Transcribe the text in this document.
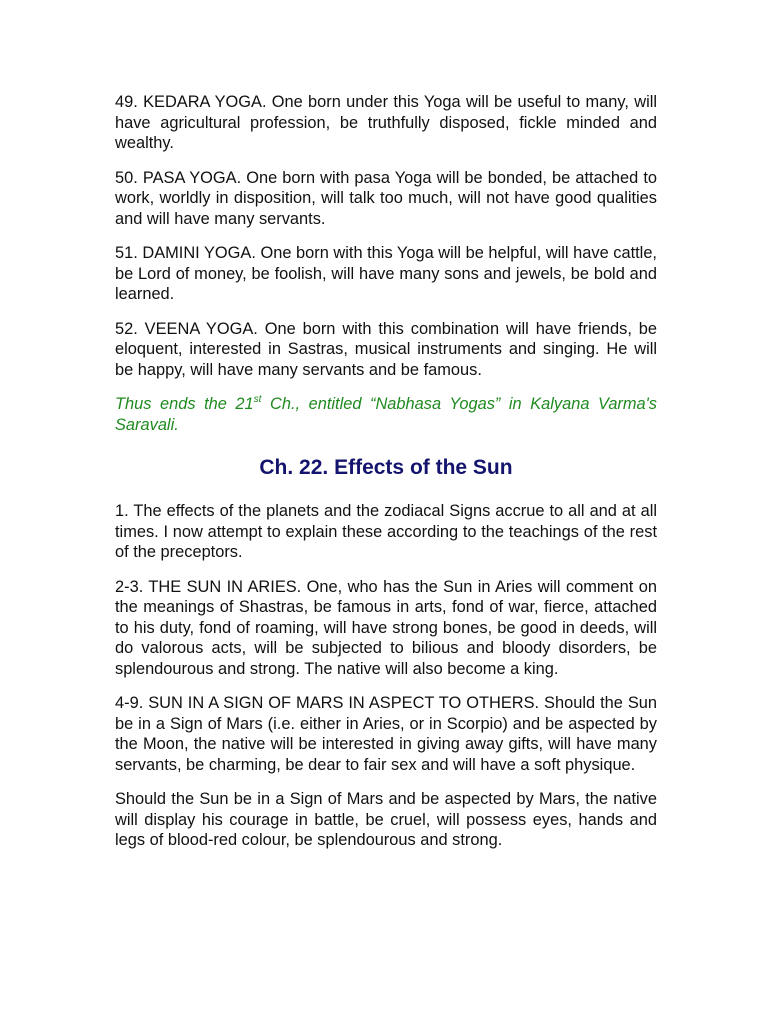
49. KEDARA YOGA. One born under this Yoga will be useful to many, will have agricultural profession, be truthfully disposed, fickle minded and wealthy.

50. PASA YOGA. One born with pasa Yoga will be bonded, be attached to work, worldly in disposition, will talk too much, will not have good qualities and will have many servants.

51. DAMINI YOGA. One born with this Yoga will be helpful, will have cattle, be Lord of money, be foolish, will have many sons and jewels, be bold and learned.

52. VEENA YOGA. One born with this combination will have friends, be eloquent, interested in Sastras, musical instruments and singing. He will be happy, will have many servants and be famous.

Thus ends the 21st Ch., entitled “Nabhasa Yogas” in Kalyana Varma's Saravali.

Ch. 22. Effects of the Sun

1. The effects of the planets and the zodiacal Signs accrue to all and at all times. I now attempt to explain these according to the teachings of the rest of the preceptors.

2-3. THE SUN IN ARIES. One, who has the Sun in Aries will comment on the meanings of Shastras, be famous in arts, fond of war, fierce, attached to his duty, fond of roaming, will have strong bones, be good in deeds, will do valorous acts, will be subjected to bilious and bloody disorders, be splendourous and strong. The native will also become a king.

4-9. SUN IN A SIGN OF MARS IN ASPECT TO OTHERS. Should the Sun be in a Sign of Mars (i.e. either in Aries, or in Scorpio) and be aspected by the Moon, the native will be interested in giving away gifts, will have many servants, be charming, be dear to fair sex and will have a soft physique.

Should the Sun be in a Sign of Mars and be aspected by Mars, the native will display his courage in battle, be cruel, will possess eyes, hands and legs of blood-red colour, be splendourous and strong.
